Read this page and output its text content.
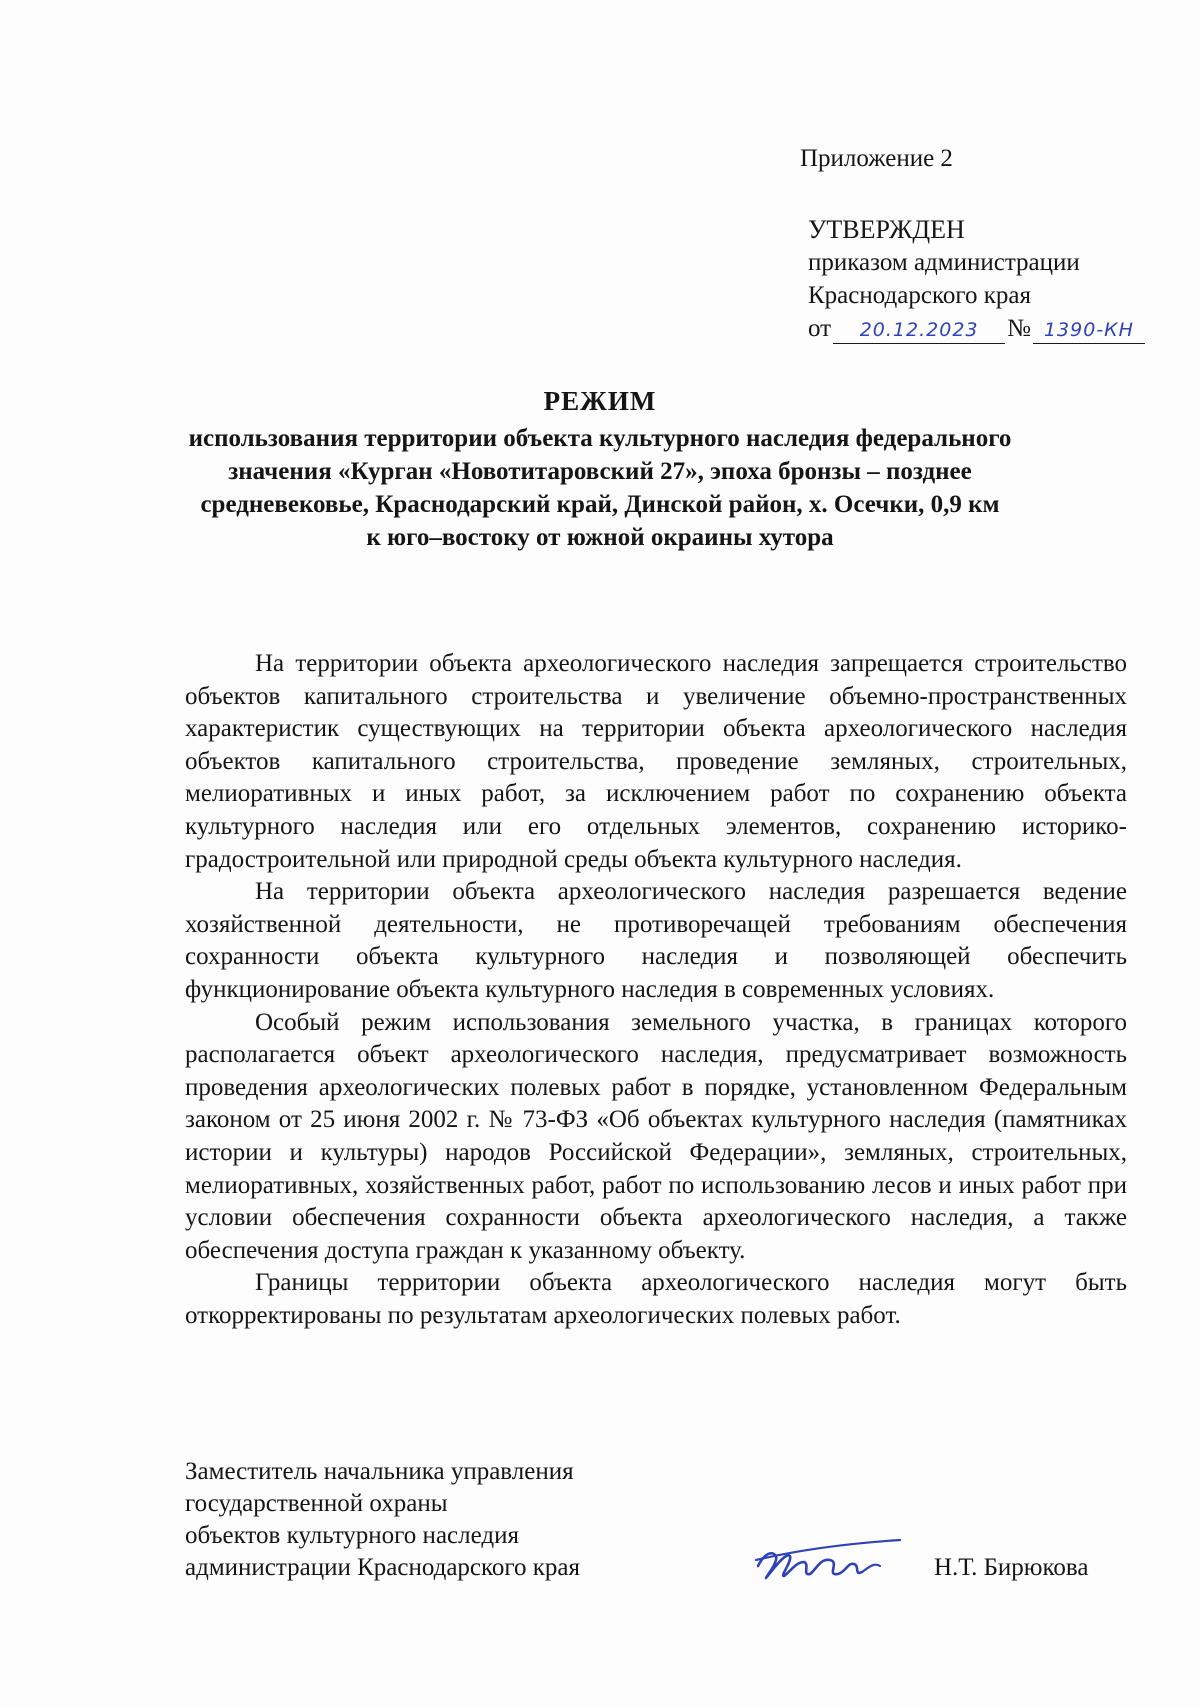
Приложение 2
УТВЕРЖДЕН
приказом администрации
Краснодарского края
от	20.12.2023	№ 1390-КН
РЕЖИМ
использования территории объекта культурного наследия федерального
значения «Курган «Новотитаровский 27», эпоха бронзы – позднее
средневековье, Краснодарский край, Динской район, х. Осечки, 0,9 км
к юго–востоку от южной окраины хутора

На территории объекта археологического наследия запрещается строительство объектов капитального строительства и увеличение объемно-пространственных характеристик существующих на территории объекта археологического наследия объектов капитального строительства, проведение земляных, строительных, мелиоративных и иных работ, за исключением работ по сохранению объекта культурного наследия или его отдельных элементов, сохранению историко-градостроительной или природной среды объекта культурного наследия.

На территории объекта археологического наследия разрешается ведение хозяйственной деятельности, не противоречащей требованиям обеспечения сохранности объекта культурного наследия и позволяющей обеспечить функционирование объекта культурного наследия в современных условиях.

Особый режим использования земельного участка, в границах которого располагается объект археологического наследия, предусматривает возможность проведения археологических полевых работ в порядке, установленном Федеральным законом от 25 июня 2002 г. № 73-ФЗ «Об объектах культурного наследия (памятниках истории и культуры) народов Российской Федерации», земляных, строительных, мелиоративных, хозяйственных работ, работ по использованию лесов и иных работ при условии обеспечения сохранности объекта археологического наследия, а также обеспечения доступа граждан к указанному объекту.

Границы территории объекта археологического наследия могут быть откорректированы по результатам археологических полевых работ.

Заместитель начальника управления
государственной охраны
объектов культурного наследия
администрации Краснодарского края	Н.Т. Бирюкова
